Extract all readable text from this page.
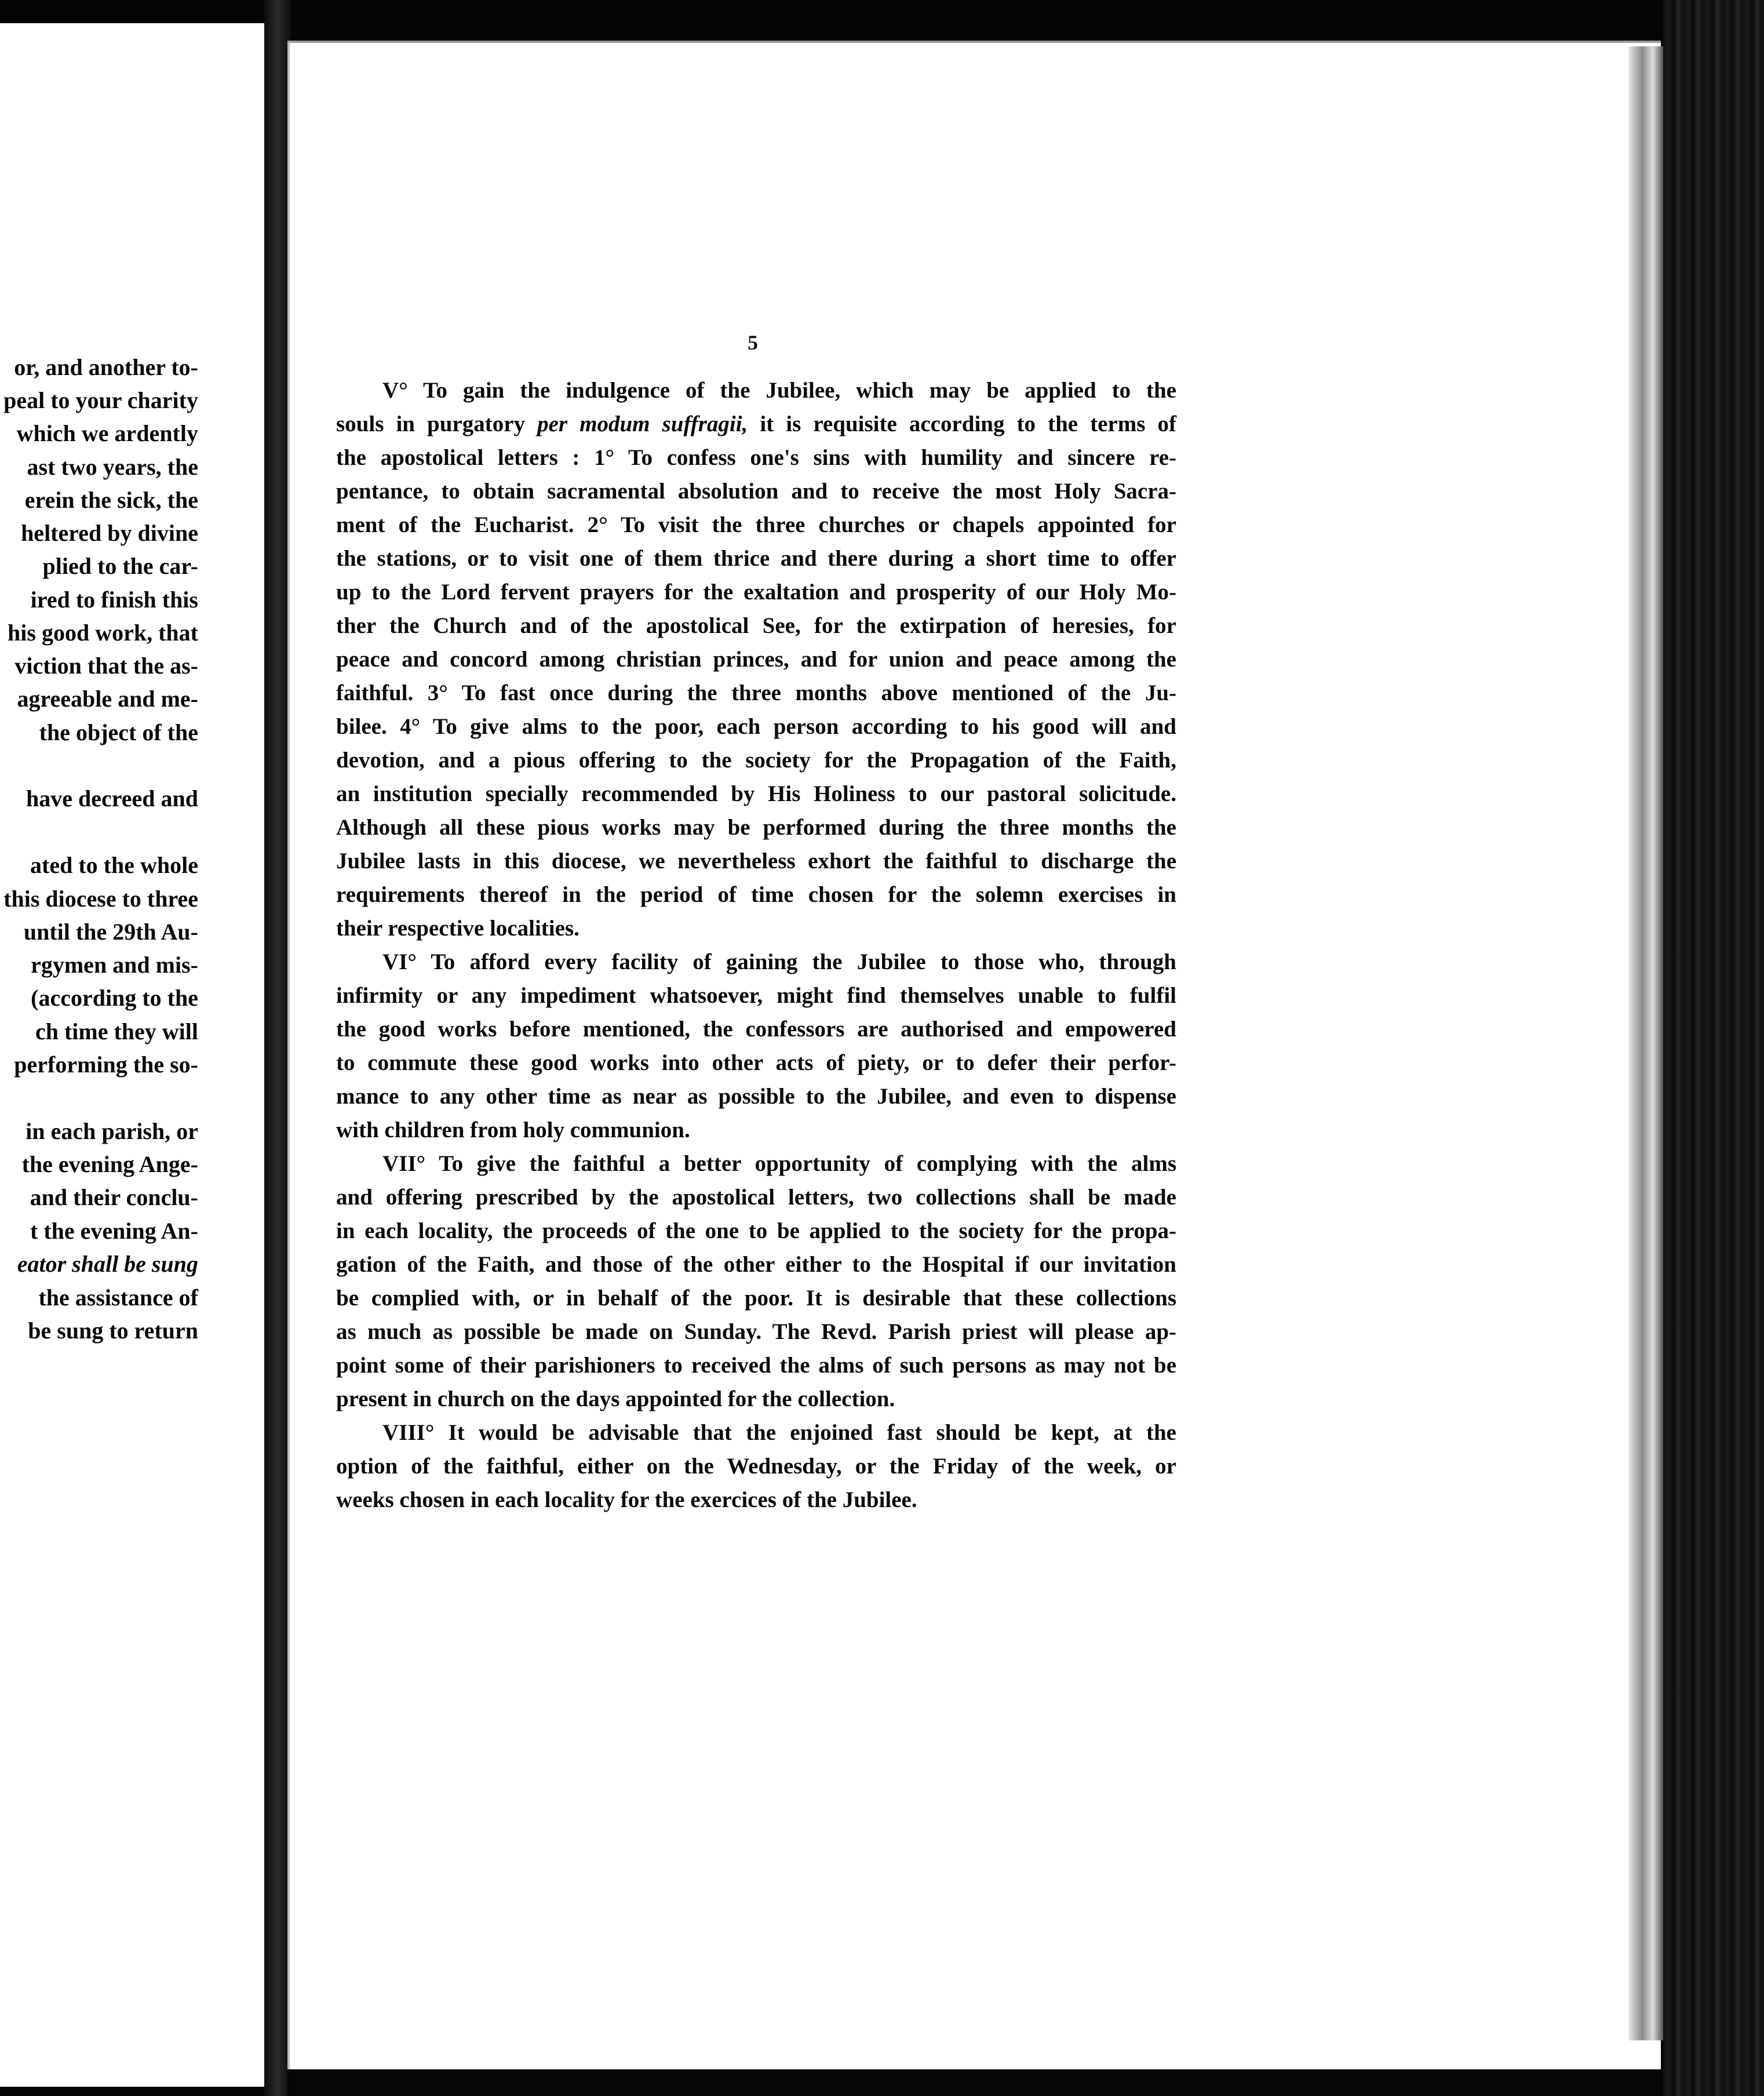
or, and another to-
peal to your charity
which we ardently
ast two years, the
erein the sick, the
heltered by divine
plied to the car-
ired to finish this
his good work, that
viction that the as-
agreeable and me-
the object of the
have decreed and
ated to the whole
this diocese to three
until the 29th Au-
rgymen and mis-
(according to the
ch time they will
performing the so-
in each parish, or
the evening Ange-
and their conclu-
t the evening An-
eator shall be sung
the assistance of
be sung to return
5
V° To gain the indulgence of the Jubilee, which may be applied to the
souls in purgatory per modum suffragii, it is requisite according to the terms of
the apostolical letters : 1° To confess one's sins with humility and sincere re-
pentance, to obtain sacramental absolution and to receive the most Holy Sacra-
ment of the Eucharist. 2° To visit the three churches or chapels appointed for
the stations, or to visit one of them thrice and there during a short time to offer
up to the Lord fervent prayers for the exaltation and prosperity of our Holy Mo-
ther the Church and of the apostolical See, for the extirpation of heresies, for
peace and concord among christian princes, and for union and peace among the
faithful. 3° To fast once during the three months above mentioned of the Ju-
bilee. 4° To give alms to the poor, each person according to his good will and
devotion, and a pious offering to the society for the Propagation of the Faith,
an institution specially recommended by His Holiness to our pastoral solicitude.
Although all these pious works may be performed during the three months the
Jubilee lasts in this diocese, we nevertheless exhort the faithful to discharge the
requirements thereof in the period of time chosen for the solemn exercises in
their respective localities.
VI° To afford every facility of gaining the Jubilee to those who, through
infirmity or any impediment whatsoever, might find themselves unable to fulfil
the good works before mentioned, the confessors are authorised and empowered
to commute these good works into other acts of piety, or to defer their perfor-
mance to any other time as near as possible to the Jubilee, and even to dispense
with children from holy communion.
VII° To give the faithful a better opportunity of complying with the alms
and offering prescribed by the apostolical letters, two collections shall be made
in each locality, the proceeds of the one to be applied to the society for the propa-
gation of the Faith, and those of the other either to the Hospital if our invitation
be complied with, or in behalf of the poor. It is desirable that these collections
as much as possible be made on Sunday. The Revd. Parish priest will please ap-
point some of their parishioners to received the alms of such persons as may not be
present in church on the days appointed for the collection.
VIII° It would be advisable that the enjoined fast should be kept, at the
option of the faithful, either on the Wednesday, or the Friday of the week, or
weeks chosen in each locality for the exercices of the Jubilee.
